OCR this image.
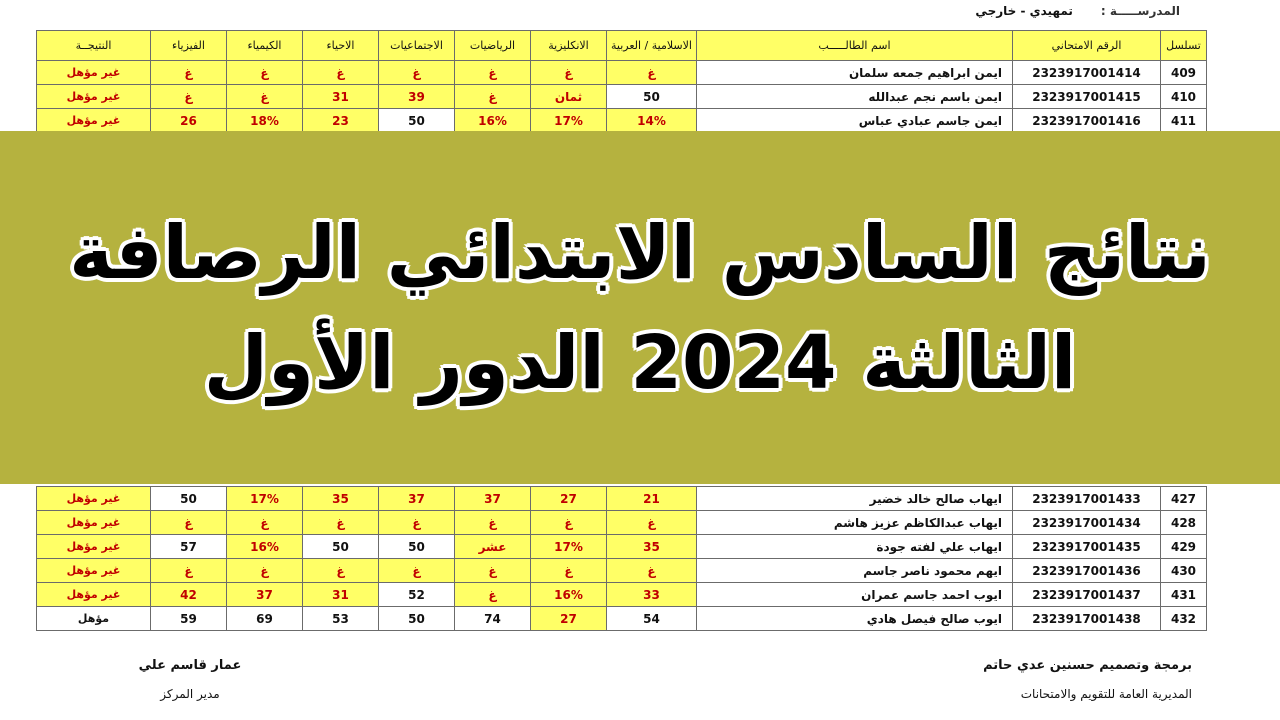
المدرســـــة :
تمهيدي - خارجي
تسلسل	الرقم الامتحاني	اسم الطالـــــب	الاسلامية / العربية	الانكليزية	الرياضيات	الاجتماعيات	الاحياء	الكيمياء	الفيزياء	النتيجــة
409	2323917001414	ايمن ابراهيم جمعه سلمان	غ	غ	غ	غ	غ	غ	غ	غير مؤهل
410	2323917001415	ايمن باسم نجم عبدالله	50	ثمان	غ	39	31	غ	غ	غير مؤهل
411	2323917001416	ايمن جاسم عبادي عباس	14%	17%	16%	50	23	18%	26	غير مؤهل
نتائج السادس الابتدائي الرصافة
الثالثة 2024 الدور الأول
427	2323917001433	ايهاب صالح خالد خضير	21	27	37	37	35	17%	50	غير مؤهل
428	2323917001434	ايهاب عبدالكاظم عزيز هاشم	غ	غ	غ	غ	غ	غ	غ	غير مؤهل
429	2323917001435	ايهاب علي لفته جودة	35	17%	عشر	50	50	16%	57	غير مؤهل
430	2323917001436	ايهم محمود ناصر جاسم	غ	غ	غ	غ	غ	غ	غ	غير مؤهل
431	2323917001437	ايوب احمد جاسم عمران	33	16%	غ	52	31	37	42	غير مؤهل
432	2323917001438	ايوب صالح فيصل هادي	54	27	74	50	53	69	59	مؤهل
عمار قاسم علي
مدير المركز
برمجة وتصميم حسنين عدي حاتم
المديرية العامة للتقويم والامتحانات
